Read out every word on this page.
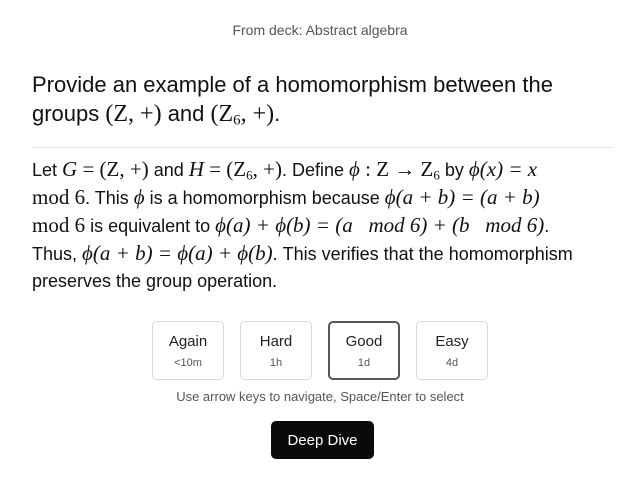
From deck: Abstract algebra
Provide an example of a homomorphism between the groups (Z, +) and ($Z_6$, +).
Let G = (Z, +) and $H = (Z_6$, +). Define ϕ : $Z \to Z_6$ by ϕ(x) = x
mod 6. This ϕ is a homomorphism because ϕ(a + b) = (a + b)
mod 6 is equivalent to ϕ(a) + ϕ(b) = (a   mod 6) + (b   mod 6).
Thus, ϕ(a + b) = ϕ(a) + ϕ(b). This verifies that the homomorphism preserves the group operation.
Again
<10m
Hard
1h
Good
1d
Easy
4d
Use arrow keys to navigate, Space/Enter to select
Deep Dive
